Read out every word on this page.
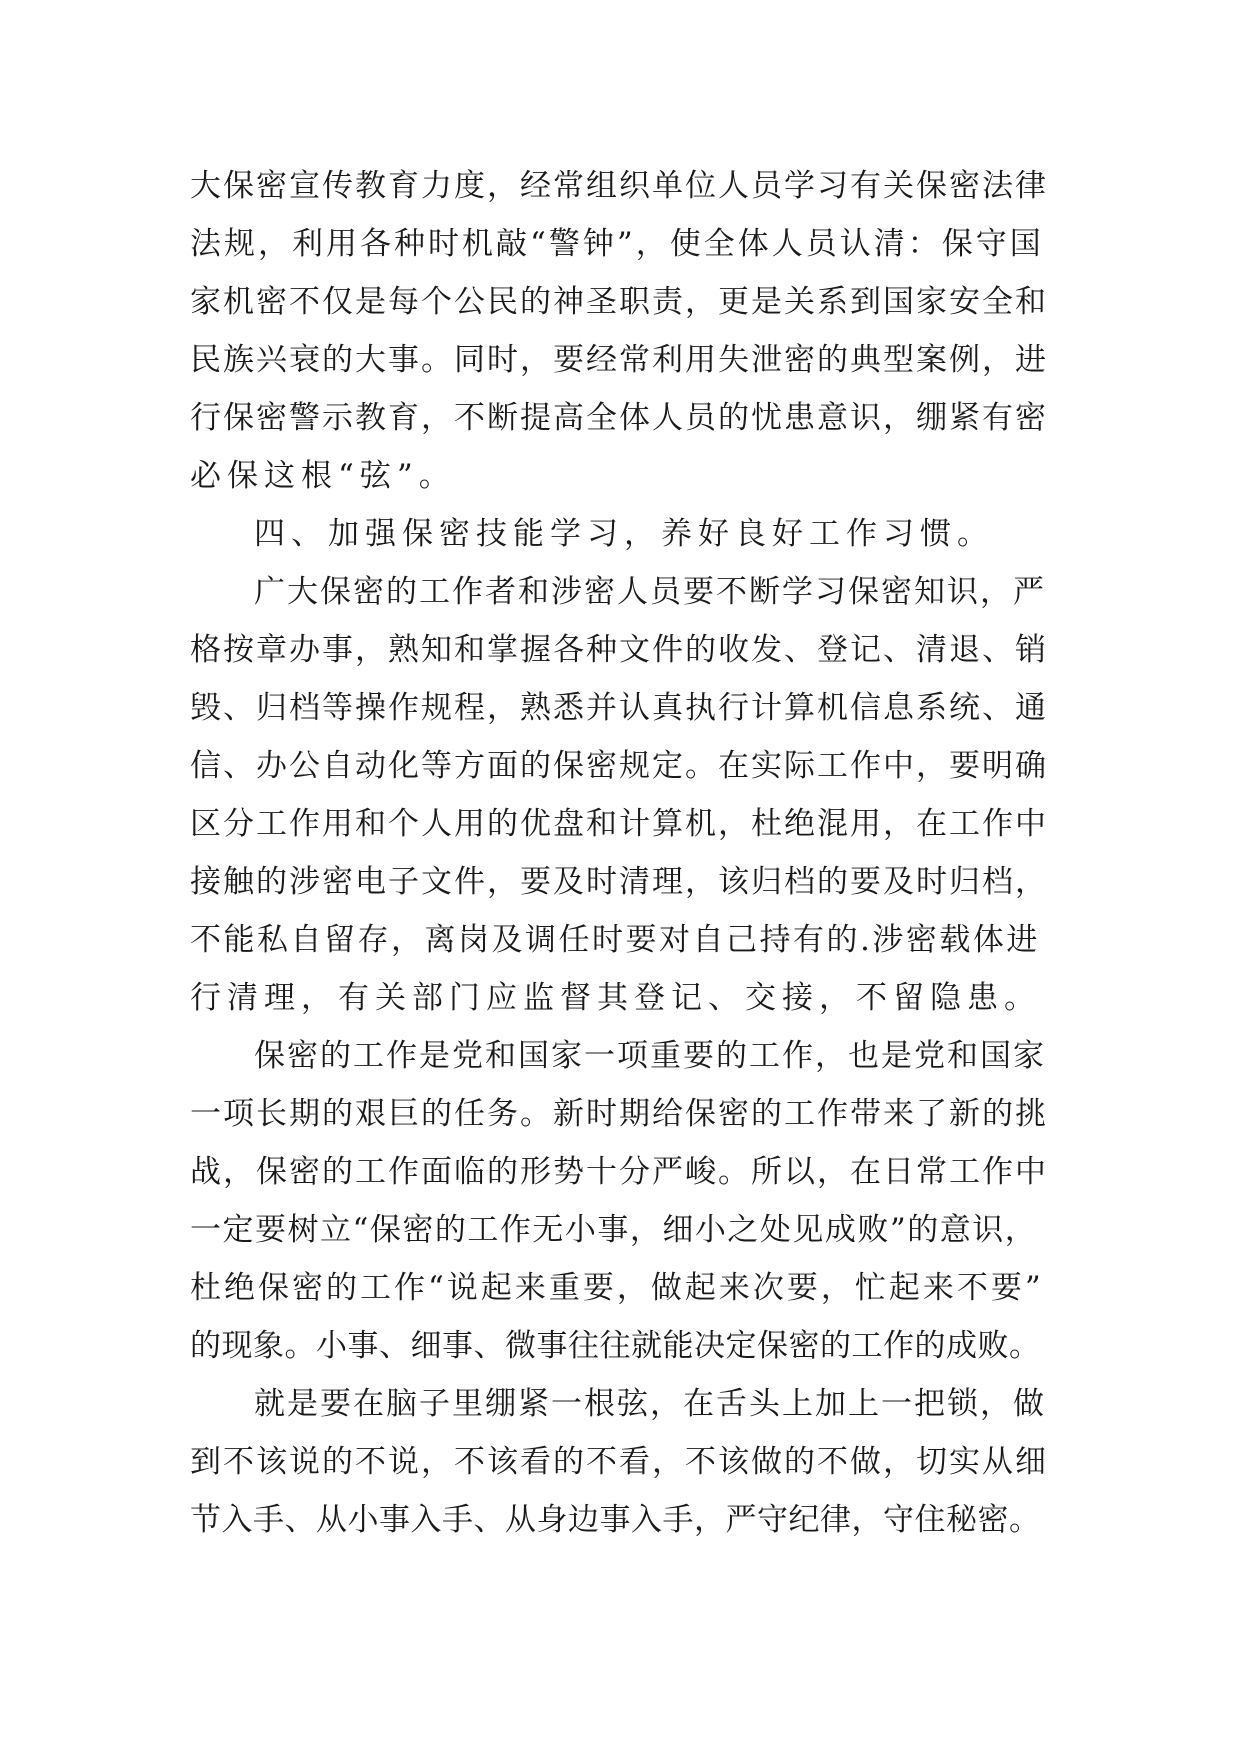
大保密宣传教育力度，经常组织单位人员学习有关保密法律
法规，利用各种时机敲“警钟”，使全体人员认清：保守国
家机密不仅是每个公民的神圣职责，更是关系到国家安全和
民族兴衰的大事。同时，要经常利用失泄密的典型案例，进
行保密警示教育，不断提高全体人员的忧患意识，绷紧有密
必保这根“弦”。
四、加强保密技能学习，养好良好工作习惯。
广大保密的工作者和涉密人员要不断学习保密知识，严
格按章办事，熟知和掌握各种文件的收发、登记、清退、销
毁、归档等操作规程，熟悉并认真执行计算机信息系统、通
信、办公自动化等方面的保密规定。在实际工作中，要明确
区分工作用和个人用的优盘和计算机，杜绝混用，在工作中
接触的涉密电子文件，要及时清理，该归档的要及时归档，
不能私自留存，离岗及调任时要对自己持有的.涉密载体进
行清理，有关部门应监督其登记、交接，不留隐患。
保密的工作是党和国家一项重要的工作，也是党和国家
一项长期的艰巨的任务。新时期给保密的工作带来了新的挑
战，保密的工作面临的形势十分严峻。所以，在日常工作中
一定要树立“保密的工作无小事，细小之处见成败”的意识，
杜绝保密的工作“说起来重要，做起来次要，忙起来不要”
的现象。小事、细事、微事往往就能决定保密的工作的成败。
就是要在脑子里绷紧一根弦，在舌头上加上一把锁，做
到不该说的不说，不该看的不看，不该做的不做，切实从细
节入手、从小事入手、从身边事入手，严守纪律，守住秘密。
